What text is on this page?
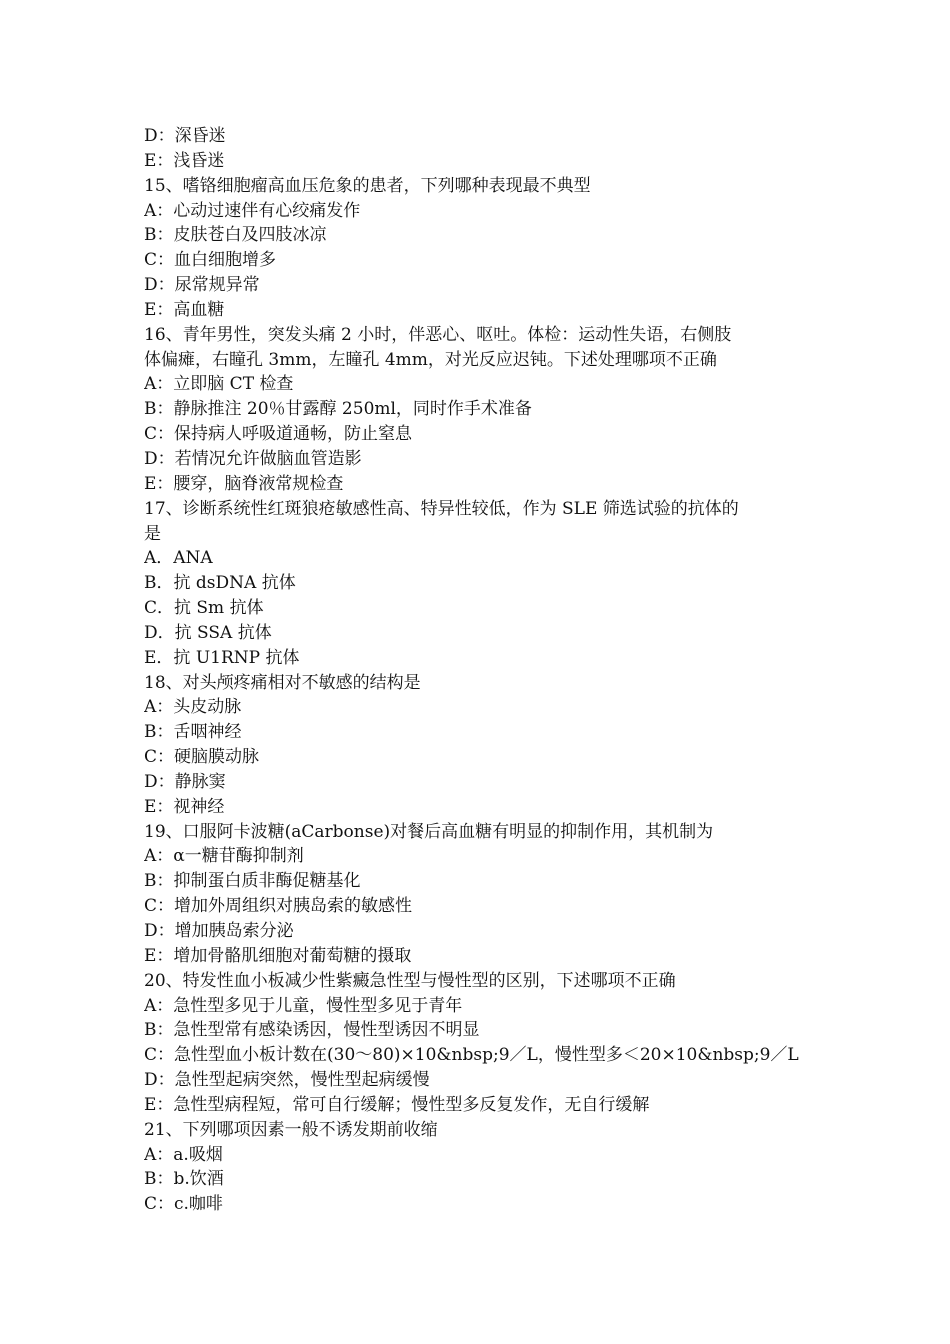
D：深昏迷
E：浅昏迷
15、嗜铬细胞瘤高血压危象的患者，下列哪种表现最不典型
A：心动过速伴有心绞痛发作
B：皮肤苍白及四肢冰凉
C：血白细胞增多
D：尿常规异常
E：高血糖
16、青年男性，突发头痛 2 小时，伴恶心、呕吐。体检：运动性失语，右侧肢
体偏瘫，右瞳孔 3mm，左瞳孔 4mm，对光反应迟钝。下述处理哪项不正确
A：立即脑 CT 检查
B：静脉推注 20％甘露醇 250ml，同时作手术准备
C：保持病人呼吸道通畅，防止窒息
D：若情况允许做脑血管造影
E：腰穿，脑脊液常规检查
17、诊断系统性红斑狼疮敏感性高、特异性较低，作为 SLE 筛选试验的抗体的
是
A．ANA
B．抗 dsDNA 抗体
C．抗 Sm 抗体
D．抗 SSA 抗体
E．抗 U1RNP 抗体
18、对头颅疼痛相对不敏感的结构是
A：头皮动脉
B：舌咽神经
C：硬脑膜动脉
D：静脉窦
E：视神经
19、口服阿卡波糖(aCarbonse)对餐后高血糖有明显的抑制作用，其机制为
A：α一糖苷酶抑制剂
B：抑制蛋白质非酶促糖基化
C：增加外周组织对胰岛索的敏感性
D：增加胰岛索分泌
E：增加骨骼肌细胞对葡萄糖的摄取
20、特发性血小板减少性紫癜急性型与慢性型的区别，下述哪项不正确
A：急性型多见于儿童，慢性型多见于青年
B：急性型常有感染诱因，慢性型诱因不明显
C：急性型血小板计数在(30～80)×10&nbsp;9／L，慢性型多＜20×10&nbsp;9／L
D：急性型起病突然，慢性型起病缓慢
E：急性型病程短，常可自行缓解；慢性型多反复发作，无自行缓解
21、下列哪项因素一般不诱发期前收缩
A：a.吸烟
B：b.饮酒
C：c.咖啡
